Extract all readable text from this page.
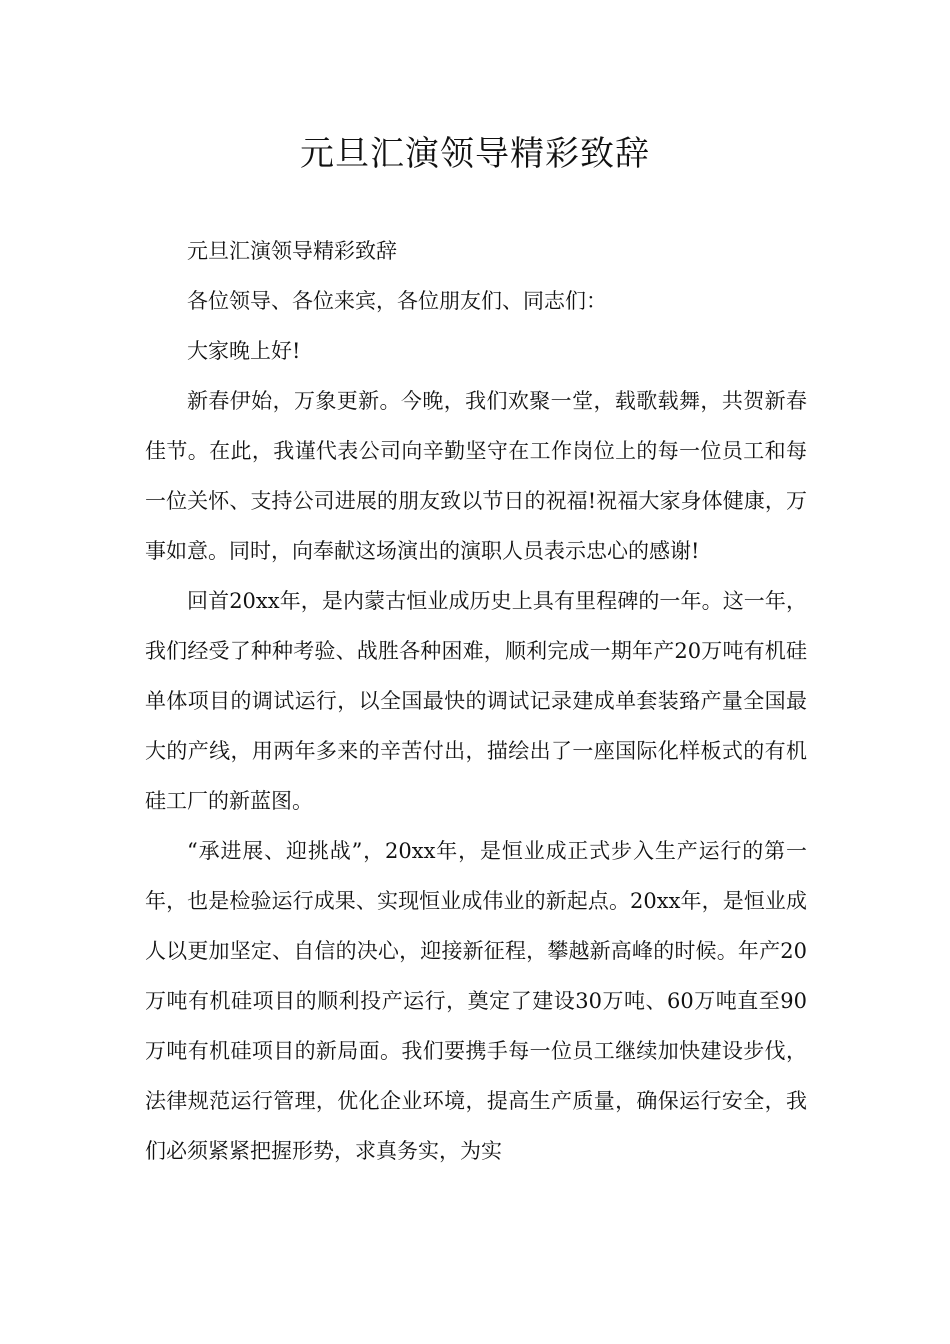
元旦汇演领导精彩致辞

元旦汇演领导精彩致辞

各位领导、各位来宾，各位朋友们、同志们：

大家晚上好!

新春伊始，万象更新。今晚，我们欢聚一堂，载歌载舞，共贺新春佳节。在此，我谨代表公司向辛勤坚守在工作岗位上的每一位员工和每一位关怀、支持公司进展的朋友致以节日的祝福!祝福大家身体健康，万事如意。同时，向奉献这场演出的演职人员表示忠心的感谢!

回首20xx年，是内蒙古恒业成历史上具有里程碑的一年。这一年，我们经受了种种考验、战胜各种困难，顺利完成一期年产20万吨有机硅单体项目的调试运行，以全国最快的调试记录建成单套装臵产量全国最大的产线，用两年多来的辛苦付出，描绘出了一座国际化样板式的有机硅工厂的新蓝图。

“承进展、迎挑战”，20xx年，是恒业成正式步入生产运行的第一年，也是检验运行成果、实现恒业成伟业的新起点。20xx年，是恒业成人以更加坚定、自信的决心，迎接新征程，攀越新高峰的时候。年产20万吨有机硅项目的顺利投产运行，奠定了建设30万吨、60万吨直至90万吨有机硅项目的新局面。我们要携手每一位员工继续加快建设步伐，法律规范运行管理，优化企业环境，提高生产质量，确保运行安全，我们必须紧紧把握形势，求真务实，为实
